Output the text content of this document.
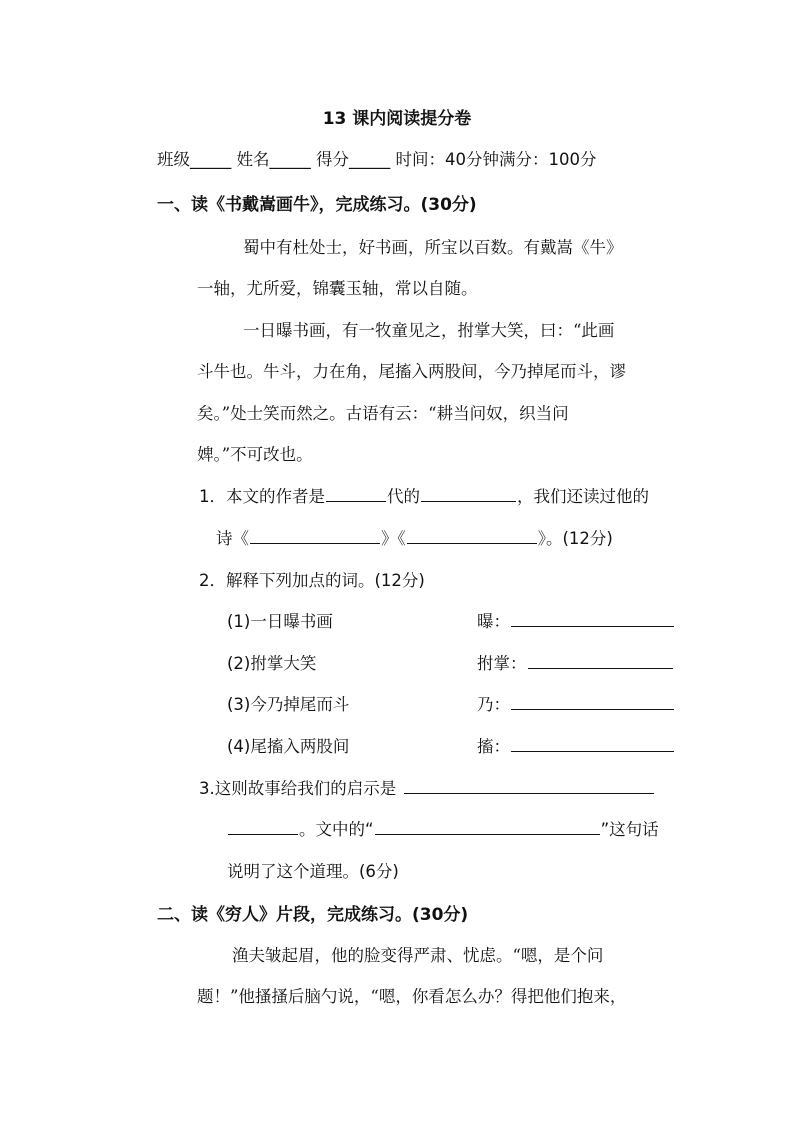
13 课内阅读提分卷
班级_____ 姓名_____ 得分_____ 时间：40分钟满分：100分
一、读《书戴嵩画牛》，完成练习。(30分)
蜀中有杜处士，好书画，所宝以百数。有戴嵩《牛》
一轴，尤所爱，锦囊玉轴，常以自随。
一日曝书画，有一牧童见之，拊掌大笑，曰：“此画
斗牛也。牛斗，力在角，尾搐入两股间，今乃掉尾而斗，谬
矣。”处士笑而然之。古语有云：“耕当问奴，织当问
婢。”不可改也。
1．本文的作者是	代的	，我们还读过他的
诗《	》《	》。(12分)
2．解释下列加点的词。(12分)
(1)一日曝书画	曝：
(2)拊掌大笑	拊掌：
(3)今乃掉尾而斗	乃：
(4)尾搐入两股间	搐：
3.这则故事给我们的启示是
。文中的“	”这句话
说明了这个道理。(6分)
二、读《穷人》片段，完成练习。(30分)
渔夫皱起眉，他的脸变得严肃、忧虑。“嗯，是个问
题！”他搔搔后脑勺说，“嗯，你看怎么办？得把他们抱来，
